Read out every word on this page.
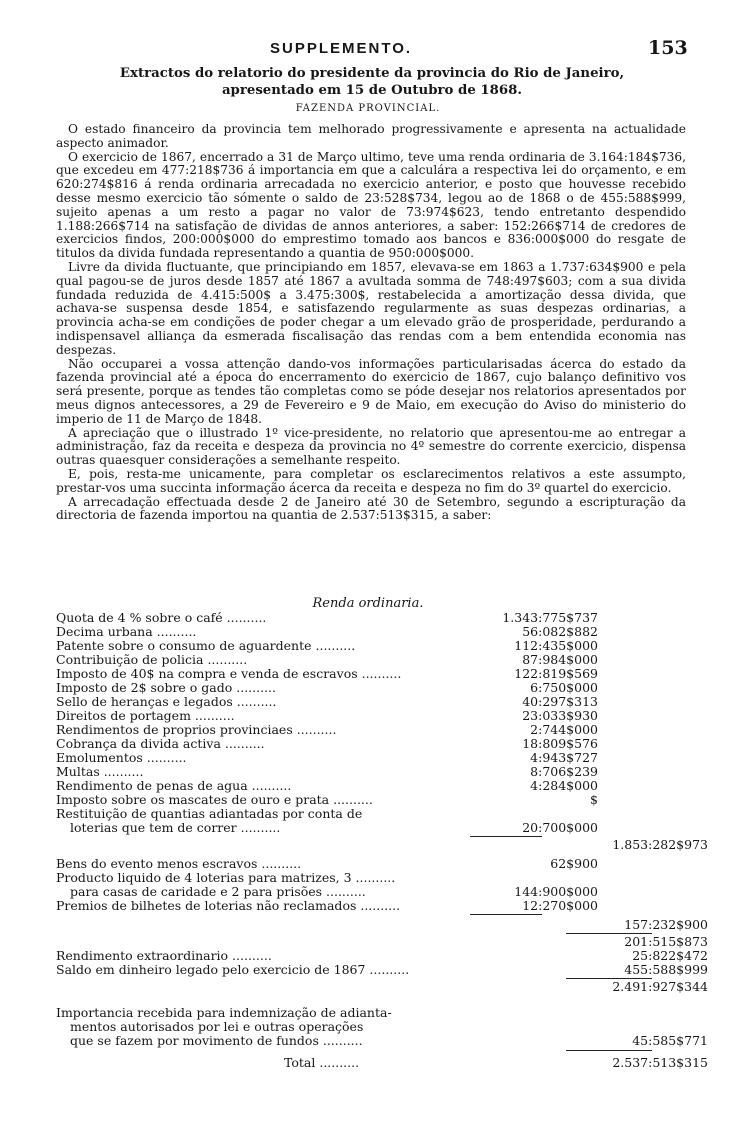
SUPPLEMENTO.	153
Extractos do relatorio do presidente da provincia do Rio de Janeiro,
apresentado em 15 de Outubro de 1868.
FAZENDA PROVINCIAL.

O estado financeiro da provincia tem melhorado progressivamente e apresenta na actualidade aspecto animador.

O exercicio de 1867, encerrado a 31 de Março ultimo, teve uma renda ordinaria de 3.164:184$736, que excedeu em 477:218$736 á importancia em que a calculára a respectiva lei do orçamento, e em 620:274$816 á renda ordinaria arrecadada no exercicio anterior, e posto que houvesse recebido desse mesmo exercicio tão sómente o saldo de 23:528$734, legou ao de 1868 o de 455:588$999, sujeito apenas a um resto a pagar no valor de 73:974$623, tendo entretanto despendido 1.188:266$714 na satisfação de dividas de annos anteriores, a saber: 152:266$714 de credores de exercicios findos, 200:000$000 do emprestimo tomado aos bancos e 836:000$000 do resgate de titulos da divida fundada representando a quantia de 950:000$000.

Livre da divida fluctuante, que principiando em 1857, elevava-se em 1863 a 1.737:634$900 e pela qual pagou-se de juros desde 1857 até 1867 a avultada somma de 748:497$603; com a sua divida fundada reduzida de 4.415:500$ a 3.475:300$, restabelecida a amortização dessa divida, que achava-se suspensa desde 1854, e satisfazendo regularmente as suas despezas ordinarias, a provincia acha-se em condições de poder chegar a um elevado grão de prosperidade, perdurando a indispensavel alliança da esmerada fiscalisação das rendas com a bem entendida economia nas despezas.

Não occuparei a vossa attenção dando-vos informações particularisadas ácerca do estado da fazenda provincial até a época do encerramento do exercicio de 1867, cujo balanço definitivo vos será presente, porque as tendes tão completas como se póde desejar nos relatorios apresentados por meus dignos antecessores, a 29 de Fevereiro e 9 de Maio, em execução do Aviso do ministerio do imperio de 11 de Março de 1848.

A apreciação que o illustrado 1º vice-presidente, no relatorio que apresentou-me ao entregar a administração, faz da receita e despeza da provincia no 4º semestre do corrente exercicio, dispensa outras quaesquer considerações a semelhante respeito.

E, pois, resta-me unicamente, para completar os esclarecimentos relativos a este assumpto, prestar-vos uma succinta informação ácerca da receita e despeza no fim do 3º quartel do exercicio.

A arrecadação effectuada desde 2 de Janeiro até 30 de Setembro, segundo a escripturação da directoria de fazenda importou na quantia de 2.537:513$315, a saber:

Renda ordinaria.
Quota de 4 % sobre o café ..........	1.343:775$737
Decima urbana ..........	56:082$882
Patente sobre o consumo de aguardente ..........	112:435$000
Contribuição de policia ..........	87:984$000
Imposto de 40$ na compra e venda de escravos ..........	122:819$569
Imposto de 2$ sobre o gado ..........	6:750$000
Sello de heranças e legados ..........	40:297$313
Direitos de portagem ..........	23:033$930
Rendimentos de proprios provinciaes ..........	2:744$000
Cobrança da divida activa ..........	18:809$576
Emolumentos ..........	4:943$727
Multas ..........	8:706$239
Rendimento de penas de agua ..........	4:284$000
Imposto sobre os mascates de ouro e prata ..........	$
Restituição de quantias adiantadas por conta de
loterias que tem de correr ..........	20:700$000
1.853:282$973
Bens do evento menos escravos ..........	62$900
Producto liquido de 4 loterias para matrizes, 3 ..........
para casas de caridade e 2 para prisões ..........	144:900$000
Premios de bilhetes de loterias não reclamados ..........	12:270$000
157:232$900
201:515$873
Rendimento extraordinario ..........	25:822$472
Saldo em dinheiro legado pelo exercicio de 1867 ..........	455:588$999
2.491:927$344
Importancia recebida para indemnização de adianta-
mentos autorisados por lei e outras operações
que se fazem por movimento de fundos ..........	45:585$771
Total ..........	2.537:513$315
